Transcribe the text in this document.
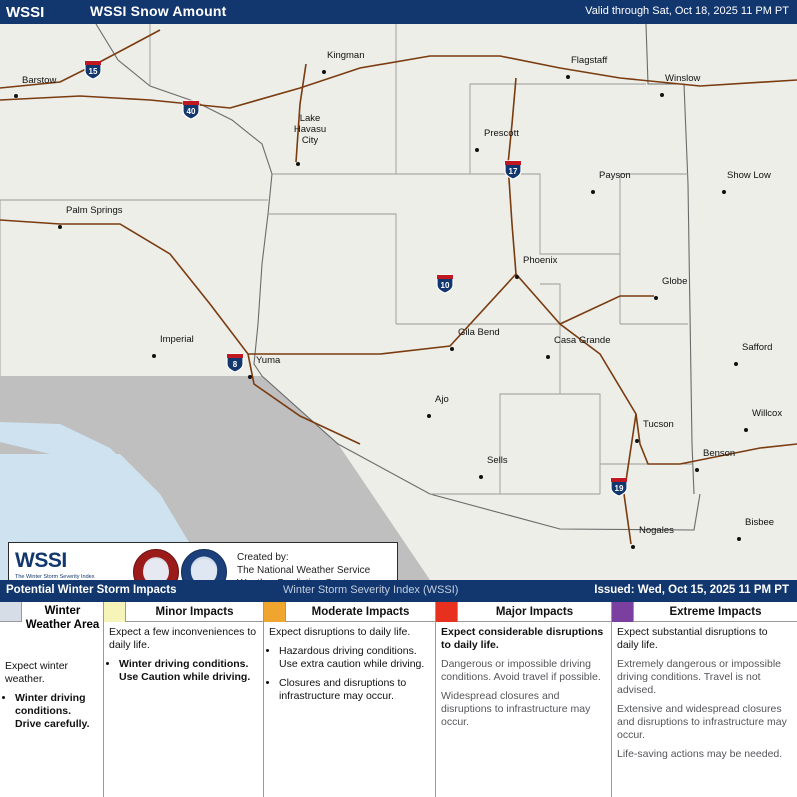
WSSI	WSSI Snow Amount	Valid through Sat, Oct 18, 2025 11 PM PT
Barstow
Kingman	Flagstaff
Winslow
Lake Havasu City
Prescott
Payson	Show Low
Palm Springs
Phoenix
Globe
Gila Bend
Casa Grande
Imperial
Safford
Yuma
Ajo
Tucson
Willcox
Benson
Sells
Bisbee
Nogales
15
40
17
10
8
19
WSSI
The Winter Storm Severity Index
Created by:
The National Weather Service
Potential Winter Storm Impacts	Winter Storm Severity Index (WSSI)	Issued: Wed, Oct 15, 2025 11 PM PT
Winter Weather Area

Expect winter weather.

• Winter driving conditions. Drive carefully.
Minor Impacts

Expect a few inconveniences to daily life.

• Winter driving conditions. Use Caution while driving.
Moderate Impacts

Expect disruptions to daily life.

• Hazardous driving conditions. Use extra caution while driving.
• Closures and disruptions to infrastructure may occur.
Major Impacts

Expect considerable disruptions to daily life.

Dangerous or impossible driving conditions. Avoid travel if possible.

Widespread closures and disruptions to infrastructure may occur.

Extreme Impacts

Expect substantial disruptions to daily life.

Extremely dangerous or impossible driving conditions. Travel is not advised.

Extensive and widespread closures and disruptions to infrastructure may occur.

Life-saving actions may be needed.
